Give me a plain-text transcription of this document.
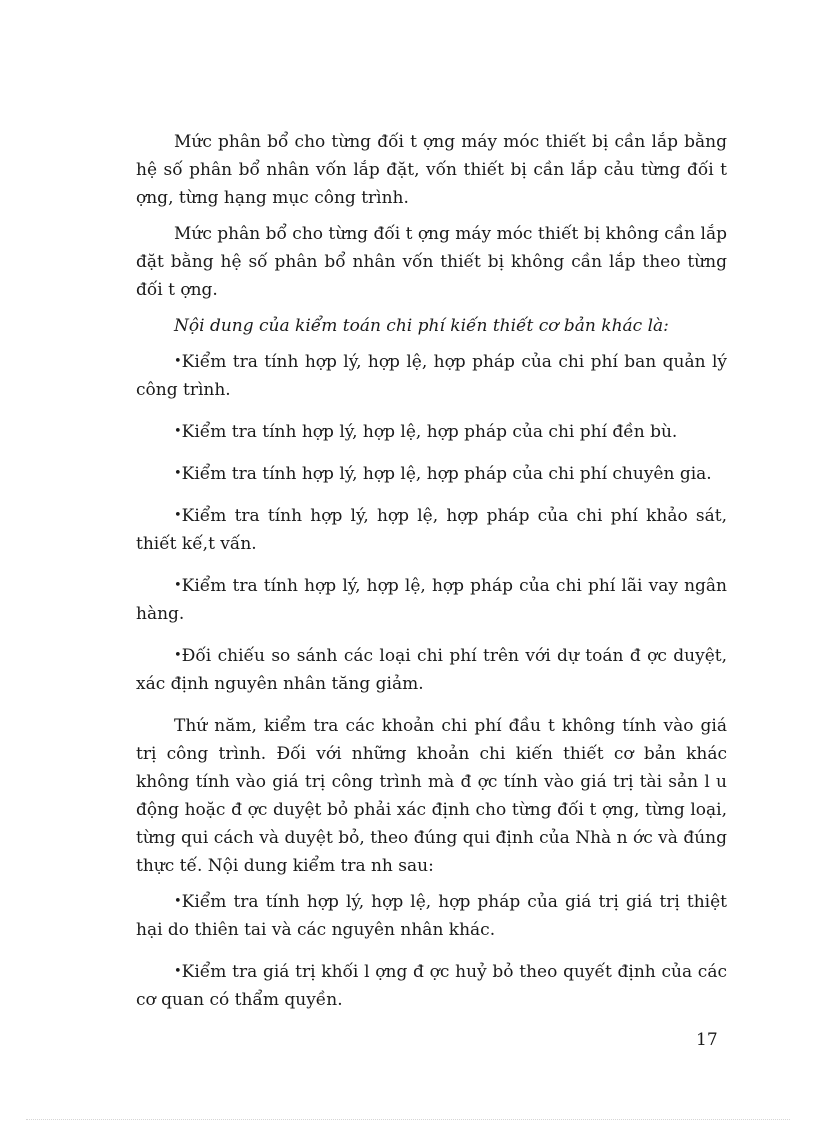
Mức phân bổ cho từng đối t ợng máy móc thiết bị cần lắp bằng hệ số phân bổ nhân vốn lắp đặt, vốn thiết bị cần lắp cảu từng đối t ợng, từng hạng mục công trình.

Mức phân bổ cho từng đối t ợng máy móc thiết bị không cần lắp đặt bằng hệ số phân bổ nhân vốn thiết bị không cần lắp theo từng đối t ợng.

Nội dung của kiểm toán chi phí kiến thiết cơ bản khác là:

•Kiểm tra tính hợp lý, hợp lệ, hợp pháp của chi phí ban quản lý công trình.

•Kiểm tra tính hợp lý, hợp lệ, hợp pháp của chi phí đền bù.

•Kiểm tra tính hợp lý, hợp lệ, hợp pháp của chi phí chuyên gia.

•Kiểm tra tính hợp lý, hợp lệ, hợp pháp của chi phí khảo sát, thiết kế,t vấn.

•Kiểm tra tính hợp lý, hợp lệ, hợp pháp của chi phí lãi vay ngân hàng.

•Đối chiếu so sánh các loại chi phí trên với dự toán đ ợc duyệt, xác định nguyên nhân tăng giảm.

Thứ năm, kiểm tra các khoản chi phí đầu t không tính vào giá trị công trình. Đối với những khoản chi kiến thiết cơ bản khác không tính vào giá trị công trình mà đ ợc tính vào giá trị tài sản l u động hoặc đ ợc duyệt bỏ phải xác định cho từng đối t ợng, từng loại, từng qui cách và duyệt bỏ, theo đúng qui định của Nhà n ớc và đúng thực tế. Nội dung kiểm tra nh sau:

•Kiểm tra tính hợp lý, hợp lệ, hợp pháp của giá trị giá trị thiệt hại do thiên tai và các nguyên nhân khác.

•Kiểm tra giá trị khối l ợng đ ợc huỷ bỏ theo quyết định của các cơ quan có thẩm quyền.

17
